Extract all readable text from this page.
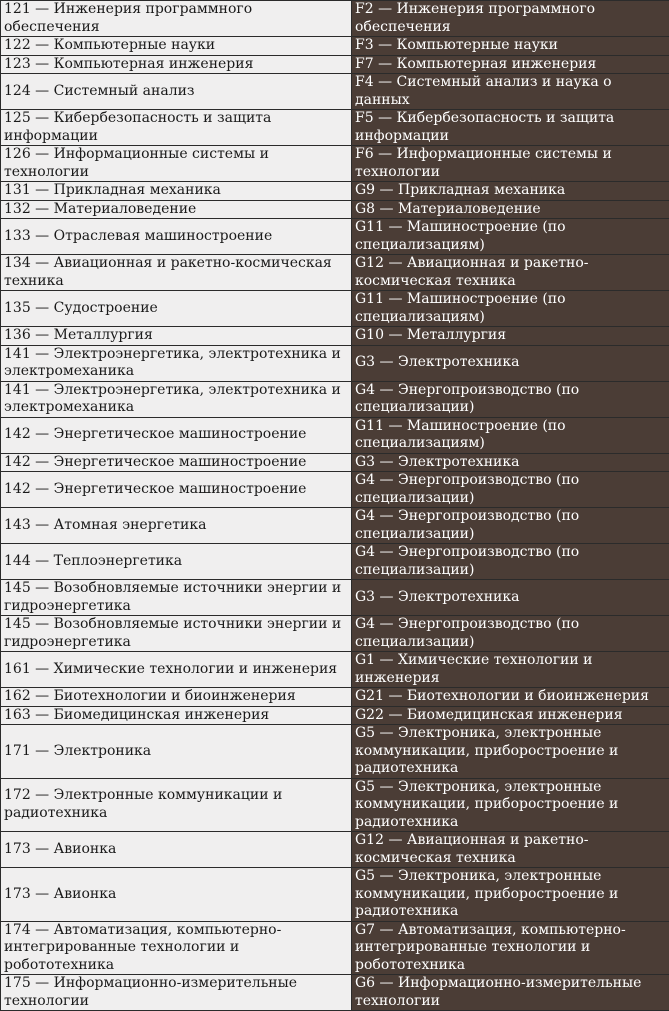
121 — Инженерия программного обеспечения	F2 — Инженерия программного обеспечения
122 — Компьютерные науки	F3 — Компьютерные науки
123 — Компьютерная инженерия	F7 — Компьютерная инженерия
124 — Системный анализ	F4 — Системный анализ и наука о данных
125 — Кибербезопасность и защита информации	F5 — Кибербезопасность и защита информации
126 — Информационные системы и технологии	F6 — Информационные системы и технологии
131 — Прикладная механика	G9 — Прикладная механика
132 — Материаловедение	G8 — Материаловедение
133 — Отраслевая машиностроение	G11 — Машиностроение (по специализациям)
134 — Авиационная и ракетно-космическая техника	G12 — Авиационная и ракетно-космическая техника
135 — Судостроение	G11 — Машиностроение (по специализациям)
136 — Металлургия	G10 — Металлургия
141 — Электроэнергетика, электротехника и электромеханика	G3 — Электротехника
141 — Электроэнергетика, электротехника и электромеханика	G4 — Энергопроизводство (по специализации)
142 — Энергетическое машиностроение	G11 — Машиностроение (по специализациям)
142 — Энергетическое машиностроение	G3 — Электротехника
142 — Энергетическое машиностроение	G4 — Энергопроизводство (по специализации)
143 — Атомная энергетика	G4 — Энергопроизводство (по специализации)
144 — Теплоэнергетика	G4 — Энергопроизводство (по специализации)
145 — Возобновляемые источники энергии и гидроэнергетика	G3 — Электротехника
145 — Возобновляемые источники энергии и гидроэнергетика	G4 — Энергопроизводство (по специализации)
161 — Химические технологии и инженерия	G1 — Химические технологии и инженерия
162 — Биотехнологии и биоинженерия	G21 — Биотехнологии и биоинженерия
163 — Биомедицинская инженерия	G22 — Биомедицинская инженерия
171 — Электроника	G5 — Электроника, электронные коммуникации, приборостроение и радиотехника
172 — Электронные коммуникации и радиотехника	G5 — Электроника, электронные коммуникации, приборостроение и радиотехника
173 — Авионка	G12 — Авиационная и ракетно-космическая техника
173 — Авионка	G5 — Электроника, электронные коммуникации, приборостроение и радиотехника
174 — Автоматизация, компьютерно-интегрированные технологии и робототехника	G7 — Автоматизация, компьютерно-интегрированные технологии и робототехника
175 — Информационно-измерительные технологии	G6 — Информационно-измерительные технологии
